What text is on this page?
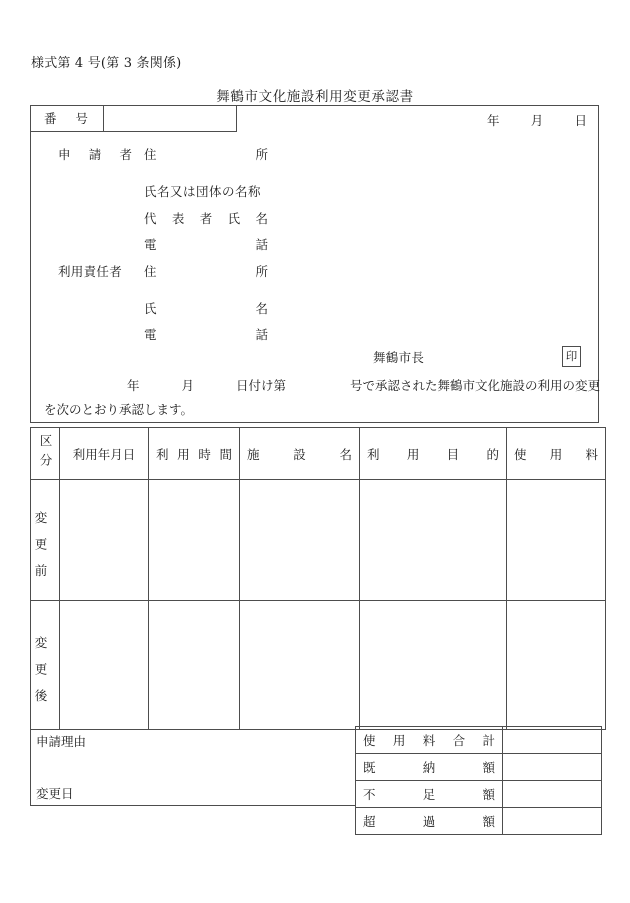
様式第 4 号(第 3 条関係)
舞鶴市文化施設利用変更承認書
番 号	年 月 日
申 請 者 住	所
氏名又は団体の名称
代 表 者 氏 名
電	話
利用責任者 住	所
氏	名
電	話
舞鶴市長	印
年	月	日付け第	号で承認された舞鶴市文化施設の利用の変更
を次のとおり承認します。
区分	利用年月日	利 用 時 間	施 設 名	利 用 目 的	使 用 料

変更前					

変更後					

申請理由
変更日
使 用 料 合 計	

既 納 額	

不 足 額	

超 過 額	
